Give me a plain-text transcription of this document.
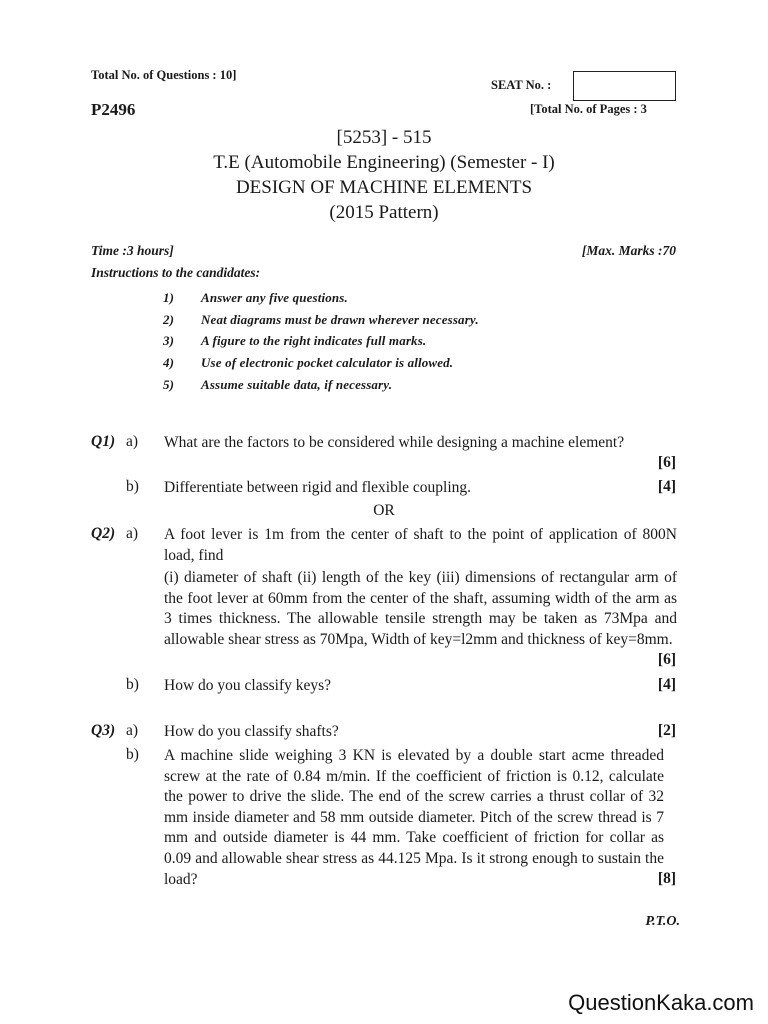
Total No. of Questions : 10]
SEAT No. :
P2496	[Total No. of Pages : 3
[5253] - 515
T.E (Automobile Engineering) (Semester - I)
DESIGN OF MACHINE ELEMENTS
(2015 Pattern)
Time :3 hours]	[Max. Marks :70
Instructions to the candidates:
1)	Answer any five questions.
2)	Neat diagrams must be drawn wherever necessary.
3)	A figure to the right indicates full marks.
4)	Use of electronic pocket calculator is allowed.
5)	Assume suitable data, if necessary.
Q1) a) What are the factors to be considered while designing a machine element?
[6]
b) Differentiate between rigid and flexible coupling.	[4]
OR
Q2) a) A foot lever is 1m from the center of shaft to the point of application of 800N load, find
(i) diameter of shaft (ii) length of the key (iii) dimensions of rectangular arm of the foot lever at 60mm from the center of the shaft, assuming width of the arm as 3 times thickness. The allowable tensile strength may be taken as 73Mpa and allowable shear stress as 70Mpa, Width of key=l2mm and thickness of key=8mm.
[6]
b) How do you classify keys?	[4]
Q3) a) How do you classify shafts?	[2]
b) A machine slide weighing 3 KN is elevated by a double start acme threaded screw at the rate of 0.84 m/min. If the coefficient of friction is 0.12, calculate the power to drive the slide. The end of the screw carries a thrust collar of 32 mm inside diameter and 58 mm outside diameter. Pitch of the screw thread is 7 mm and outside diameter is 44 mm. Take coefficient of friction for collar as 0.09 and allowable shear stress as 44.125 Mpa. Is it strong enough to sustain the load?	[8]
P.T.O.
QuestionKaka.com
